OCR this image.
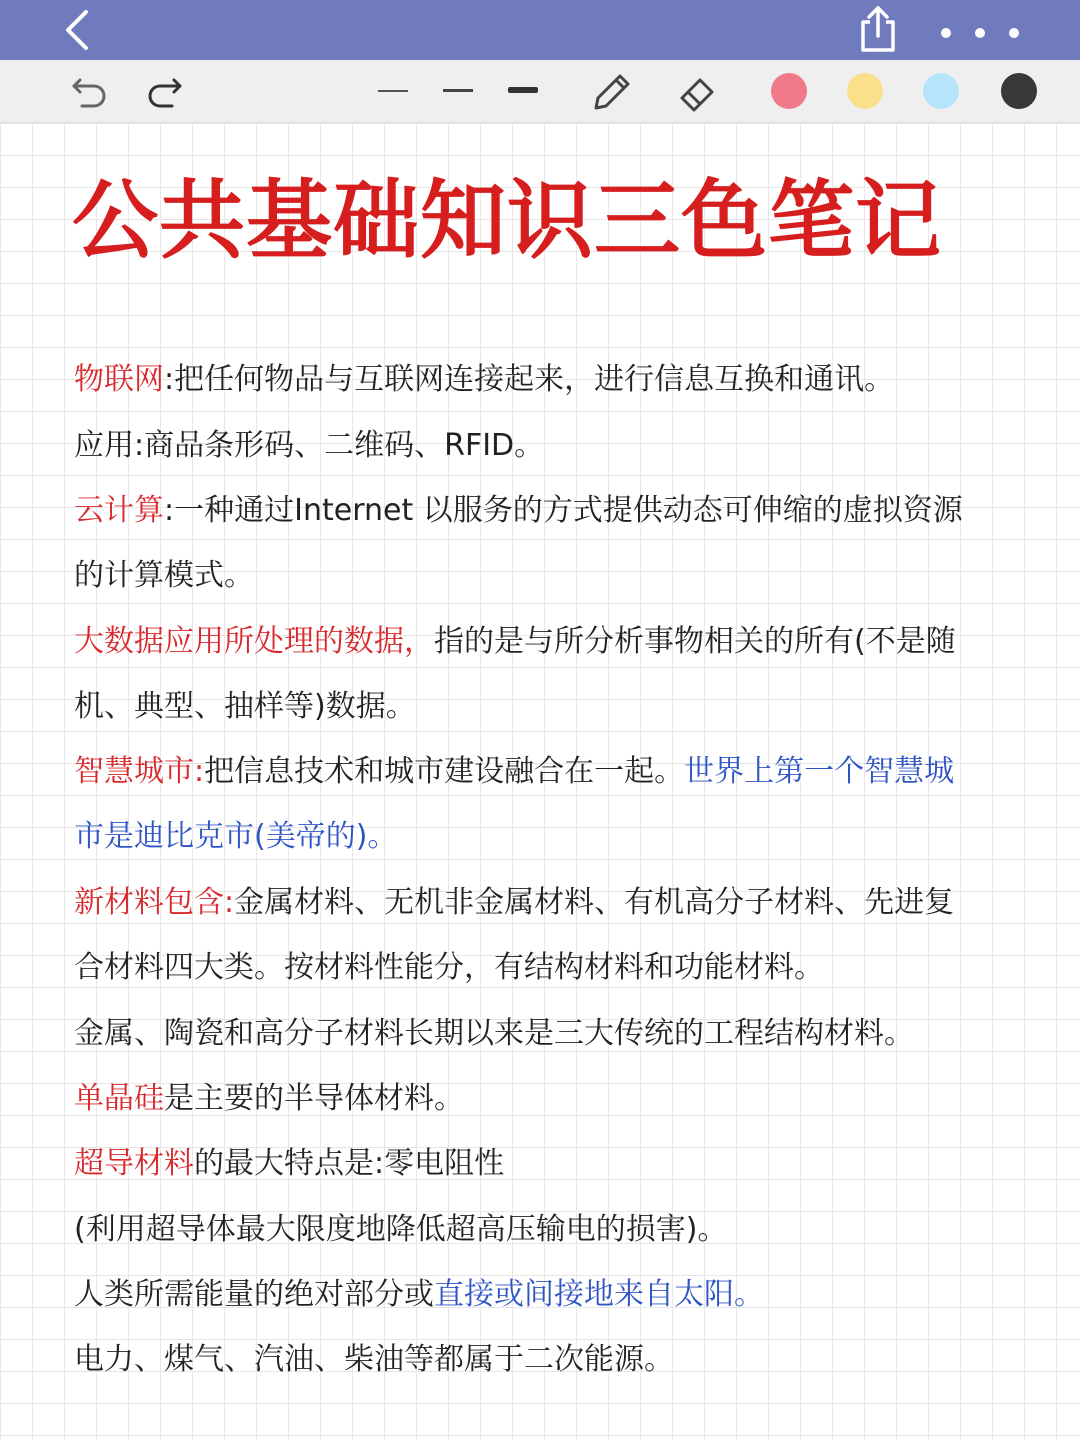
公共基础知识三色笔记
物联网:把任何物品与互联网连接起来，进行信息互换和通讯。
应用:商品条形码、二维码、RFID。
云计算:一种通过Internet 以服务的方式提供动态可伸缩的虚拟资源
的计算模式。
大数据应用所处理的数据，指的是与所分析事物相关的所有(不是随
机、典型、抽样等)数据。
智慧城市:把信息技术和城市建设融合在一起。世界上第一个智慧城
市是迪比克市(美帝的)。
新材料包含:金属材料、无机非金属材料、有机高分子材料、先进复
合材料四大类。按材料性能分，有结构材料和功能材料。
金属、陶瓷和高分子材料长期以来是三大传统的工程结构材料。
单晶硅是主要的半导体材料。
超导材料的最大特点是:零电阻性
(利用超导体最大限度地降低超高压输电的损害)。
人类所需能量的绝对部分或直接或间接地来自太阳。
电力、煤气、汽油、柴油等都属于二次能源。
